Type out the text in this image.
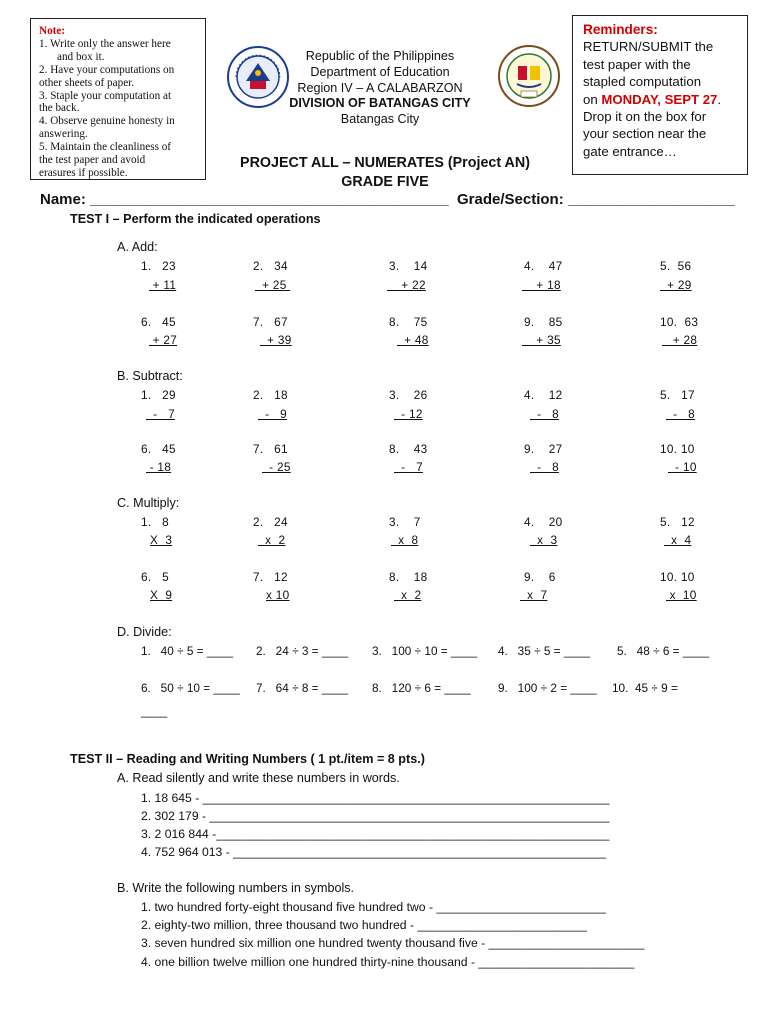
Note:
1. Write only the answer here
and box it.
2. Have your computations on
other sheets of paper.
3. Staple your computation at
the back.
4. Observe genuine honesty in
answering.
5. Maintain the cleanliness of
the test paper and avoid
erasures if possible.
Reminders:
RETURN/SUBMIT the
test paper with the
stapled computation
on MONDAY, SEPT 27.
Drop it on the box for
your section near the
gate entrance…
Republic of the Philippines
Department of Education
Region IV – A CALABARZON
DIVISION OF BATANGAS CITY
Batangas City
PROJECT ALL – NUMERATES (Project AN)
GRADE FIVE
Name: ___________________________________________ Grade/Section: ____________________
TEST I – Perform the indicated operations
A. Add:
1.   23	2.   34	3.    14	4.    47	5.  56
+ 11	+ 25	+ 22	+ 18	+ 29
6.   45	7.   67	8.    75	9.    85	10.  63
+ 27	+ 39	+ 48	+ 35	+ 28
B. Subtract:
1.   29	2.   18	3.    26	4.    12	5.   17
-   7	-   9	- 12	-   8	-   8
6.   45	7.   61	8.    43	9.    27	10. 10
- 18	- 25	-   7	-   8	- 10
C. Multiply:
1.   8	2.   24	3.    7	4.    20	5.   12
X  3	x  2	x  8	x  3	x  4
6.   5	7.   12	8.    18	9.    6	10. 10
X  9	x 10	x  2	x  7	x  10
D. Divide:
1.   40 ÷ 5 = ____ 2.   24 ÷ 3 = ____ 3.   100 ÷ 10 = ____ 4.   35 ÷ 5 = ____ 5.   48 ÷ 6 = ____
6.   50 ÷ 10 = ____ 7.   64 ÷ 8 = ____ 8.   120 ÷ 6 = ____ 9.   100 ÷ 2 = ____ 10.  45 ÷ 9 =
____
TEST II – Reading and Writing Numbers ( 1 pt./item = 8 pts.)
A. Read silently and write these numbers in words.
1. 18 645 - ____________________________________________________________
2. 302 179 - ___________________________________________________________
3. 2 016 844 -__________________________________________________________
4. 752 964 013 - _______________________________________________________
B. Write the following numbers in symbols.
1. two hundred forty-eight thousand five hundred two - _________________________
2. eighty-two million, three thousand two hundred - _________________________
3. seven hundred six million one hundred twenty thousand five - _______________________
4. one billion twelve million one hundred thirty-nine thousand - _______________________
